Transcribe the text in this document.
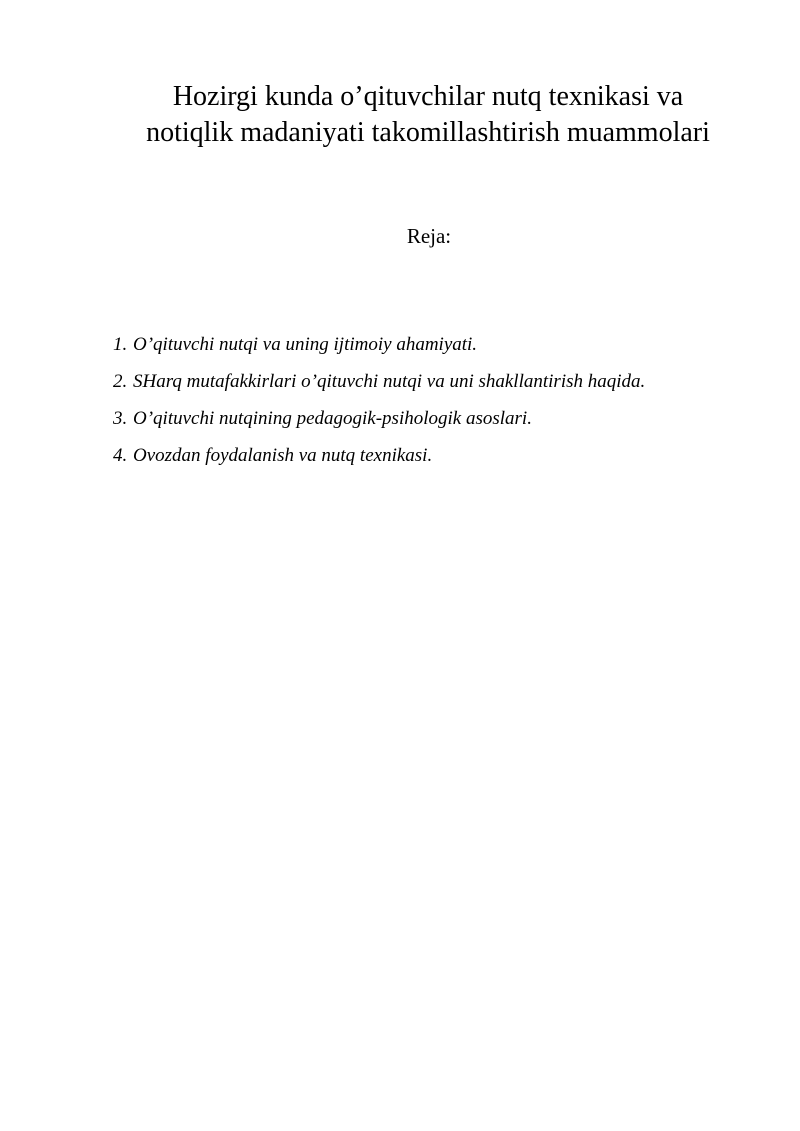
Hozirgi kunda o’qituvchilar nutq texnikasi va
notiqlik madaniyati takomillashtirish muammolari
Reja:
1. O’qituvchi nutqi va uning ijtimoiy ahamiyati.
2. SHarq mutafakkirlari o’qituvchi nutqi va uni shakllantirish haqida.
3. O’qituvchi nutqining pedagogik-psihologik asoslari.
4. Ovozdan foydalanish va nutq texnikasi.
